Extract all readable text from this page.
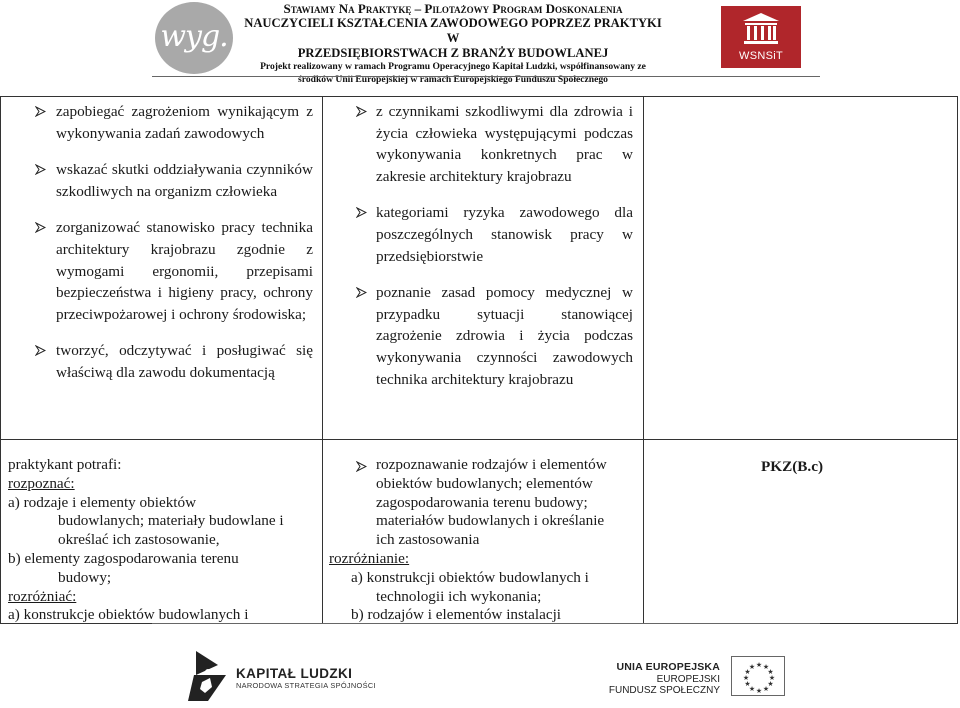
wyg.
Stawiamy Na Praktykę – Pilotażowy Program Doskonalenia
NAUCZYCIELI KSZTAŁCENIA ZAWODOWEGO POPRZEZ PRAKTYKI W
PRZEDSIĘBIORSTWACH Z BRANŻY BUDOWLANEJ
Projekt realizowany w ramach Programu Operacyjnego Kapitał Ludzki, współfinansowany ze
środków Unii Europejskiej w ramach Europejskiego Funduszu Społecznego
WSNSiT
zapobiegać zagrożeniom wynikającym z wykonywania zadań zawodowych
wskazać skutki oddziaływania czynników szkodliwych na organizm człowieka
zorganizować stanowisko pracy technika architektury krajobrazu zgodnie z wymogami ergonomii, przepisami bezpieczeństwa i higieny pracy, ochrony przeciwpożarowej i ochrony środowiska;
tworzyć, odczytywać i posługiwać się właściwą dla zawodu dokumentacją
z czynnikami szkodliwymi dla zdrowia i życia człowieka występującymi podczas wykonywania konkretnych prac w zakresie architektury krajobrazu
kategoriami ryzyka zawodowego dla poszczególnych stanowisk pracy w przedsiębiorstwie
poznanie zasad pomocy medycznej w przypadku sytuacji stanowiącej zagrożenie zdrowia i życia podczas wykonywania czynności zawodowych technika architektury krajobrazu
praktykant potrafi:
rozpoznać:
a) rodzaje i elementy obiektów
budowlanych; materiały budowlane i
określać ich zastosowanie,
b) elementy zagospodarowania terenu
budowy;
rozróżniać:
a) konstrukcje obiektów budowlanych i
rozpoznawanie rodzajów i elementów
obiektów budowlanych; elementów
zagospodarowania terenu budowy;
materiałów budowlanych i określanie
ich zastosowania
rozróżnianie:
a) konstrukcji obiektów budowlanych i
technologii ich wykonania;
b) rodzajów i elementów instalacji
PKZ(B.c)
KAPITAŁ LUDZKI
NARODOWA STRATEGIA SPÓJNOŚCI
UNIA EUROPEJSKA
EUROPEJSKI
FUNDUSZ SPOŁECZNY
★ ★
★
★
★
★
★
★
★
★
★
★
